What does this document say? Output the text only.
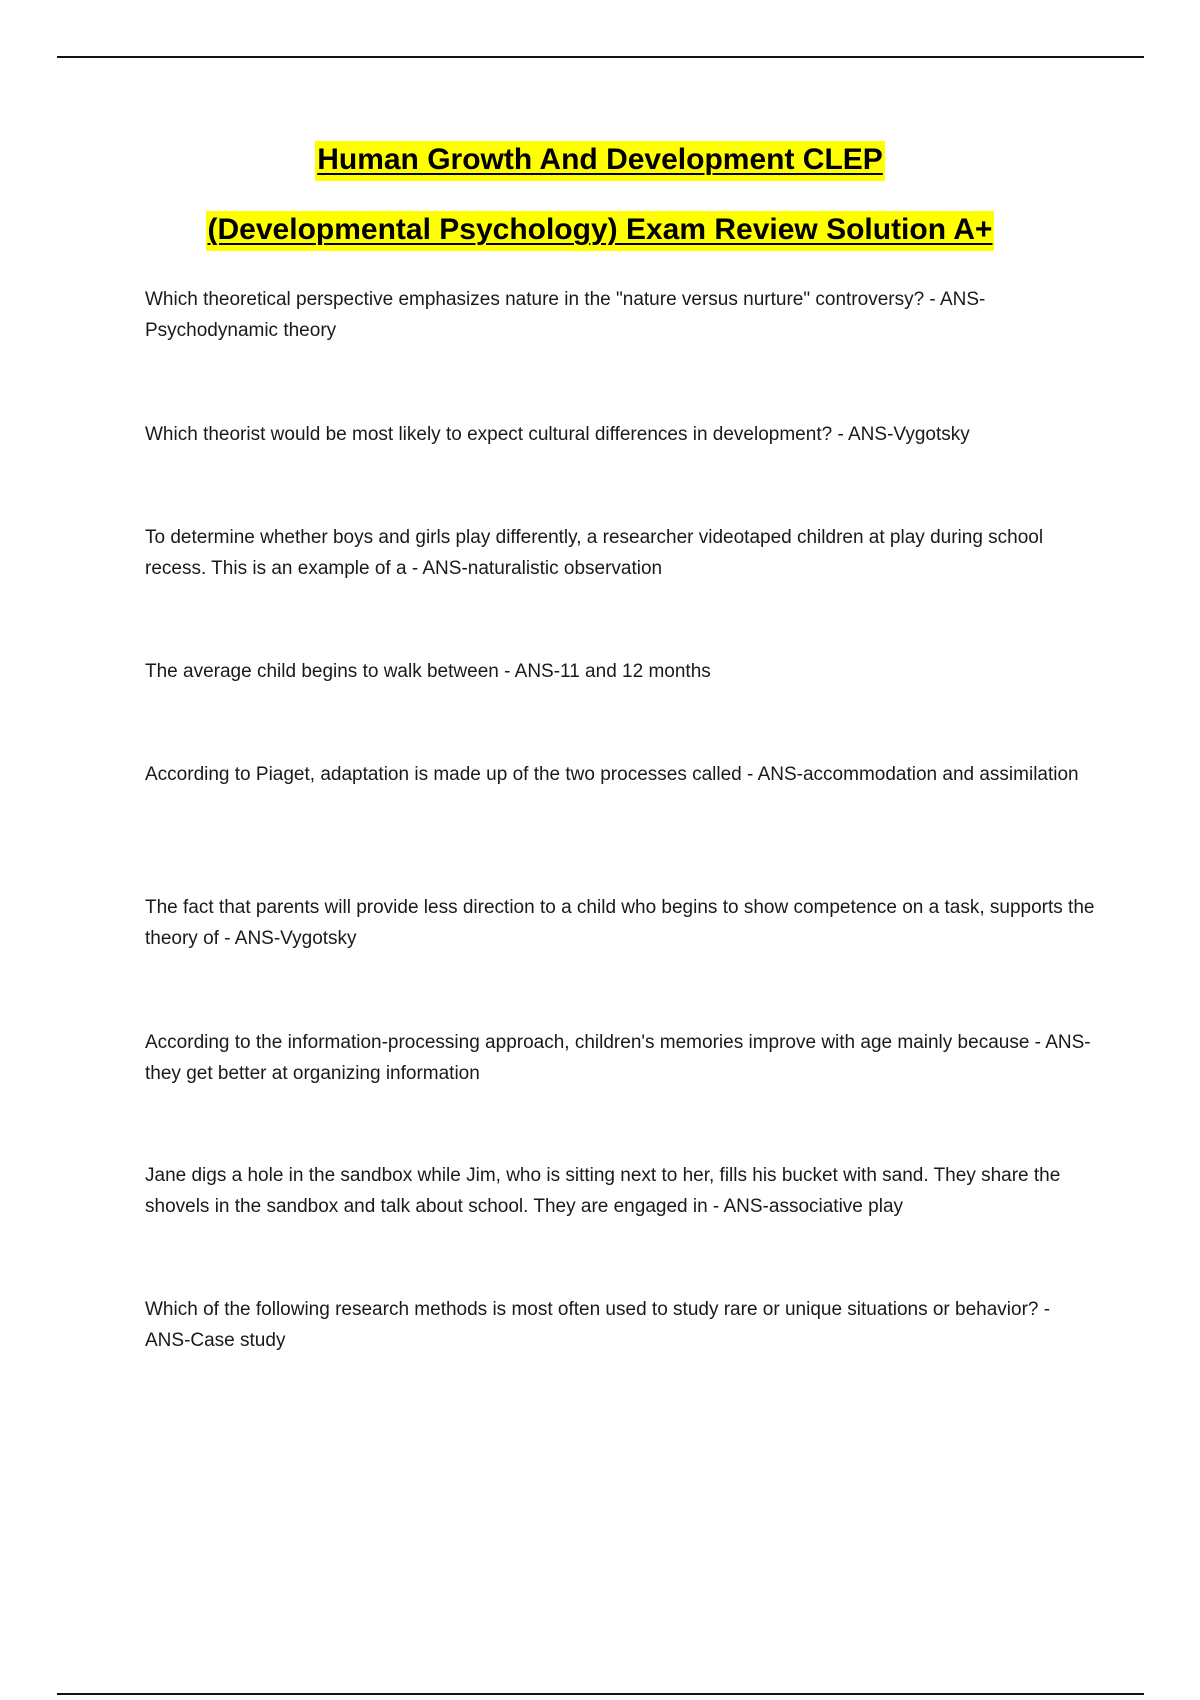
Human Growth And Development CLEP
(Developmental Psychology) Exam Review Solution A+
Which theoretical perspective emphasizes nature in the "nature versus nurture" controversy? - ANS-Psychodynamic theory
Which theorist would be most likely to expect cultural differences in development? - ANS-Vygotsky
To determine whether boys and girls play differently, a researcher videotaped children at play during school recess. This is an example of a - ANS-naturalistic observation
The average child begins to walk between - ANS-11 and 12 months
According to Piaget, adaptation is made up of the two processes called - ANS-accommodation and assimilation
The fact that parents will provide less direction to a child who begins to show competence on a task, supports the theory of - ANS-Vygotsky
According to the information-processing approach, children's memories improve with age mainly because - ANS-they get better at organizing information
Jane digs a hole in the sandbox while Jim, who is sitting next to her, fills his bucket with sand. They share the shovels in the sandbox and talk about school. They are engaged in - ANS-associative play
Which of the following research methods is most often used to study rare or unique situations or behavior? - ANS-Case study
